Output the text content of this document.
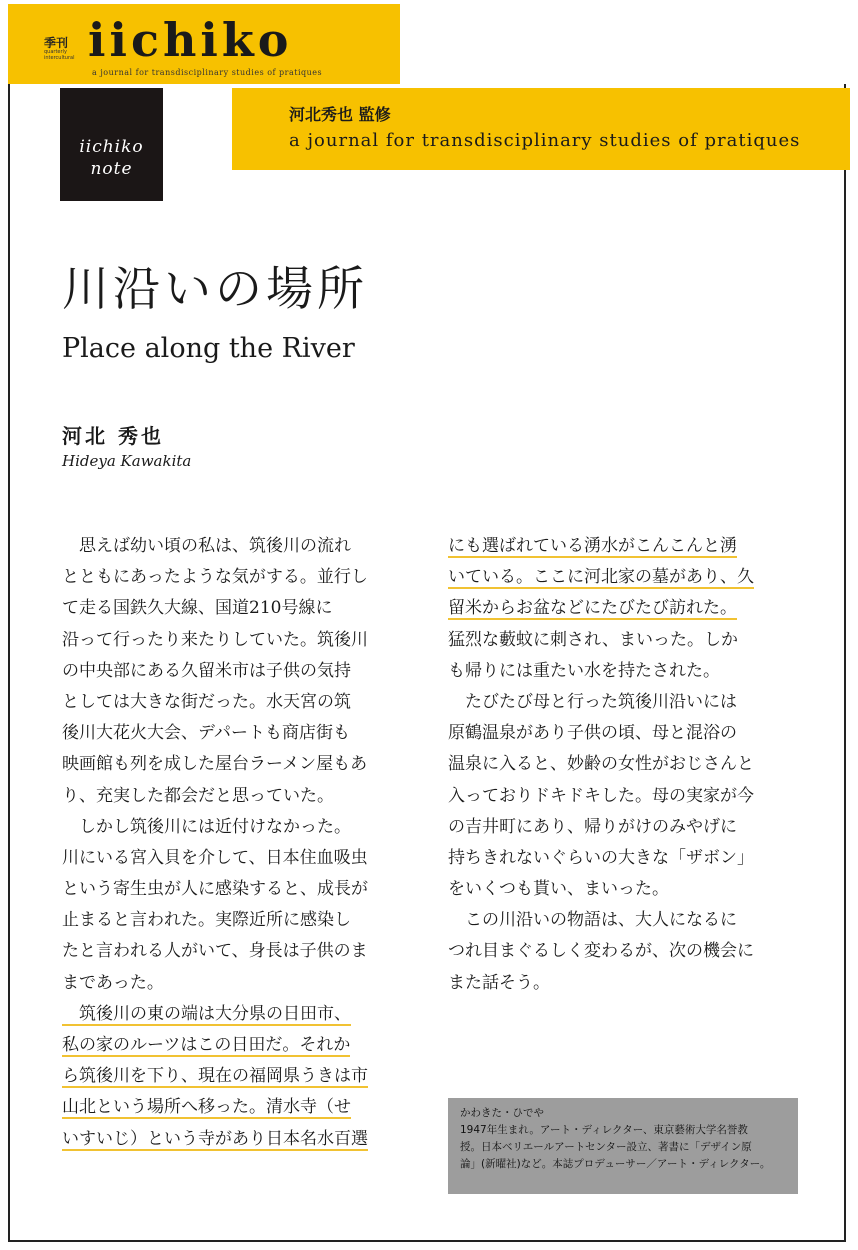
季刊
quarterly
intercultural iichiko
a journal for transdisciplinary studies of pratiques
iichiko
note
河北秀也 監修
a journal for transdisciplinary studies of pratiques
川沿いの場所
Place along the River
河北 秀也
Hideya Kawakita
　思えば幼い頃の私は、筑後川の流れ
とともにあったような気がする。並行し
て走る国鉄久大線、国道210号線に
沿って行ったり来たりしていた。筑後川
の中央部にある久留米市は子供の気持
としては大きな街だった。水天宮の筑
後川大花火大会、デパートも商店街も
映画館も列を成した屋台ラーメン屋もあ
り、充実した都会だと思っていた。
　しかし筑後川には近付けなかった。
川にいる宮入貝を介して、日本住血吸虫
という寄生虫が人に感染すると、成長が
止まると言われた。実際近所に感染し
たと言われる人がいて、身長は子供のま
まであった。
　筑後川の東の端は大分県の日田市、
私の家のルーツはこの日田だ。それか
ら筑後川を下り、現在の福岡県うきは市
山北という場所へ移った。清水寺（せ
いすいじ）という寺があり日本名水百選
にも選ばれている湧水がこんこんと湧
いている。ここに河北家の墓があり、久
留米からお盆などにたびたび訪れた。
猛烈な藪蚊に刺され、まいった。しか
も帰りには重たい水を持たされた。
　たびたび母と行った筑後川沿いには
原鶴温泉があり子供の頃、母と混浴の
温泉に入ると、妙齢の女性がおじさんと
入っておりドキドキした。母の実家が今
の吉井町にあり、帰りがけのみやげに
持ちきれないぐらいの大きな「ザボン」
をいくつも貰い、まいった。
　この川沿いの物語は、大人になるに
つれ目まぐるしく変わるが、次の機会に
また話そう。
かわきた・ひでや
1947年生まれ。アート・ディレクター、東京藝術大学名誉教
授。日本ベリエールアートセンター設立、著書に「デザイン原
論」(新曜社)など。本誌プロデューサー／アート・ディレクター。
